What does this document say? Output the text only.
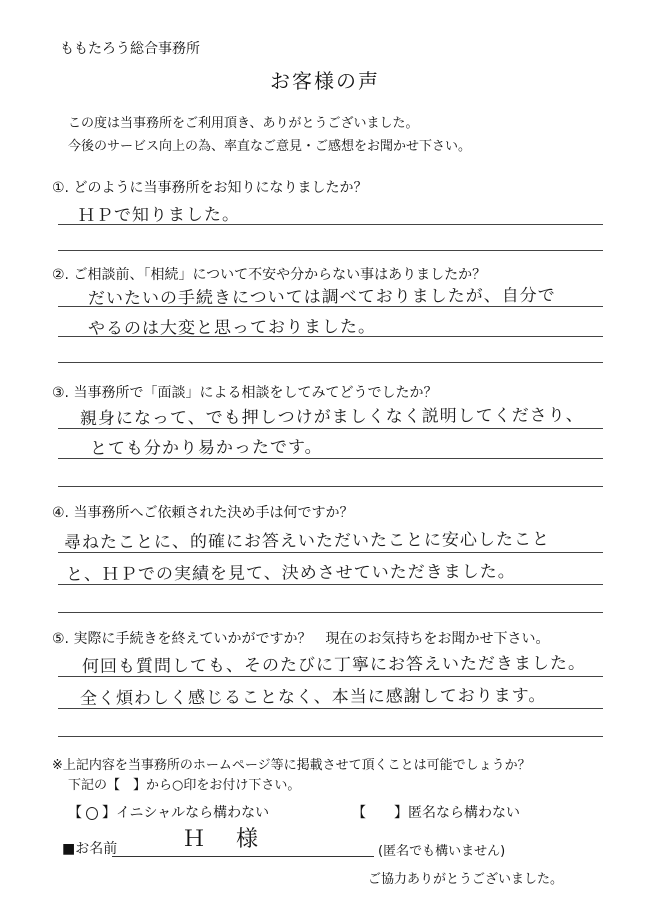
ももたろう総合事務所
お客様の声
この度は当事務所をご利用頂き、ありがとうございました。
今後のサービス向上の為、率直なご意見・ご感想をお聞かせ下さい。
①. どのように当事務所をお知りになりましたか？
ＨＰで知りました。
②. ご相談前、「相続」について不安や分からない事はありましたか？
だいたいの手続きについては調べておりましたが、自分で
やるのは大変と思っておりました。
③. 当事務所で「面談」による相談をしてみてどうでしたか？
親身になって、でも押しつけがましくなく説明してくださり、
とても分かり易かったです。
④. 当事務所へご依頼された決め手は何ですか？
尋ねたことに、的確にお答えいただいたことに安心したこと
と、ＨＰでの実績を見て、決めさせていただきました。
⑤. 実際に手続きを終えていかがですか？　現在のお気持ちをお聞かせ下さい。
何回も質問しても、そのたびに丁寧にお答えいただきました。
全く煩わしく感じることなく、本当に感謝しております。
※上記内容を当事務所のホームページ等に掲載させて頂くことは可能でしょうか？
下記の【　】から○印をお付け下さい。
【 ○ 】イニシャルなら構わない	【　　】匿名なら構わない
■お名前	Ｈ 様	(匿名でも構いません)
ご協力ありがとうございました。
